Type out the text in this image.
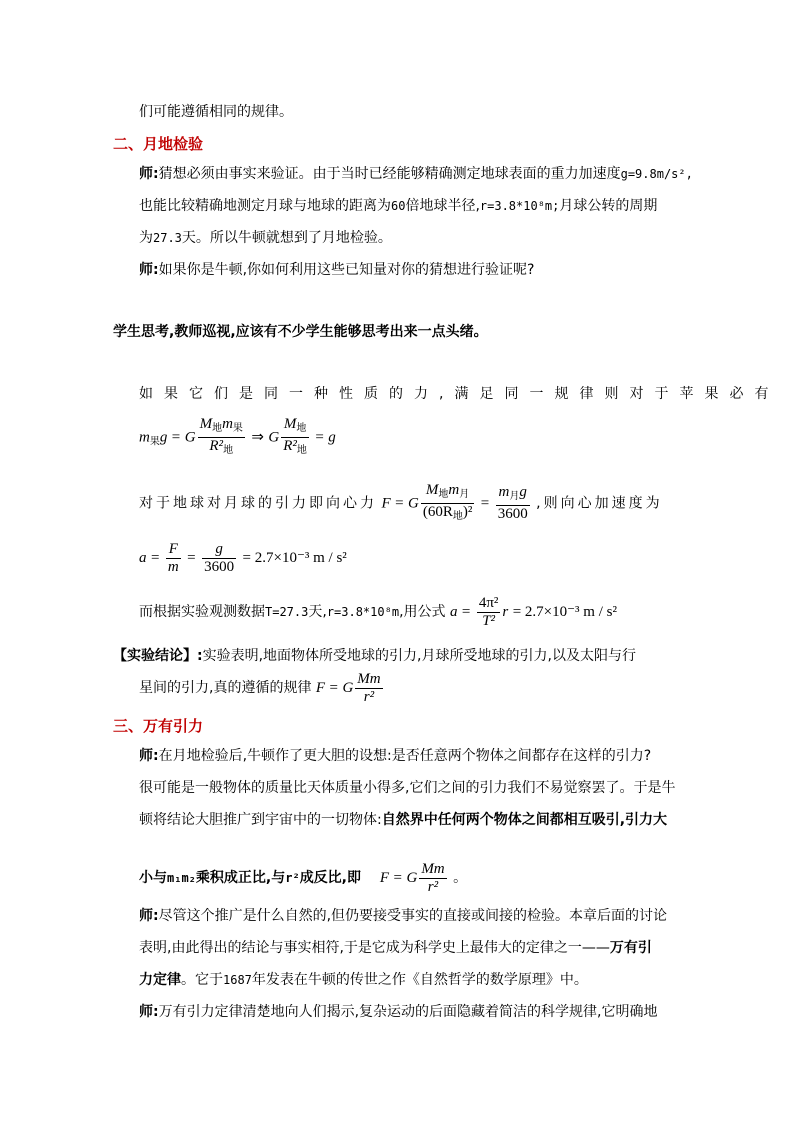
们可能遵循相同的规律。
二、月地检验
师:猜想必须由事实来验证。由于当时已经能够精确测定地球表面的重力加速度g=9.8m/s²,
也能比较精确地测定月球与地球的距离为60倍地球半径,r=3.8*10⁸m;月球公转的周期
为27.3天。所以牛顿就想到了月地检验。
师:如果你是牛顿,你如何利用这些已知量对你的猜想进行验证呢?
学生思考,教师巡视,应该有不少学生能够思考出来一点头绪。
如果它们是同一种性质的力,满足同一规律则对于苹果必有
$m_果g = G \frac{M_地m_果}{R^2_地}$ ⇒ G $\frac{M_地}{R^2_地} = g$
对于地球对月球的引力即向心力 F = G $\frac{M_地m_月}{(60R_地)^2} = \frac{m_月g}{3600}$ ,则向心加速度为
$a = \frac{F}{m} = \frac{g}{3600} = 2.7\times 10^{-3}$ m / s²
而根据实验观测数据T=27.3天,r=3.8*10⁸m,用公式 $a = \frac{\text{4π²}}{\text{T²}}$ r = 2.7×10⁻³ m / s²
【实验结论】:实验表明,地面物体所受地球的引力,月球所受地球的引力,以及太阳与行
星间的引力,真的遵循的规律 F = G $\frac{Mm}{\text{r²}}$
三、万有引力
师:在月地检验后,牛顿作了更大胆的设想:是否任意两个物体之间都存在这样的引力?
很可能是一般物体的质量比天体质量小得多,它们之间的引力我们不易觉察罢了。于是牛
顿将结论大胆推广到宇宙中的一切物体:自然界中任何两个物体之间都相互吸引,引力大
小与m₁m₂乘积成正比,与r²成反比,即 F = G $\frac{Mm}{\text{r²}}$ 。
师:尽管这个推广是什么自然的,但仍要接受事实的直接或间接的检验。本章后面的讨论
表明,由此得出的结论与事实相符,于是它成为科学史上最伟大的定律之一——万有引
力定律。它于1687年发表在牛顿的传世之作《自然哲学的数学原理》中。
师:万有引力定律清楚地向人们揭示,复杂运动的后面隐藏着简洁的科学规律,它明确地
